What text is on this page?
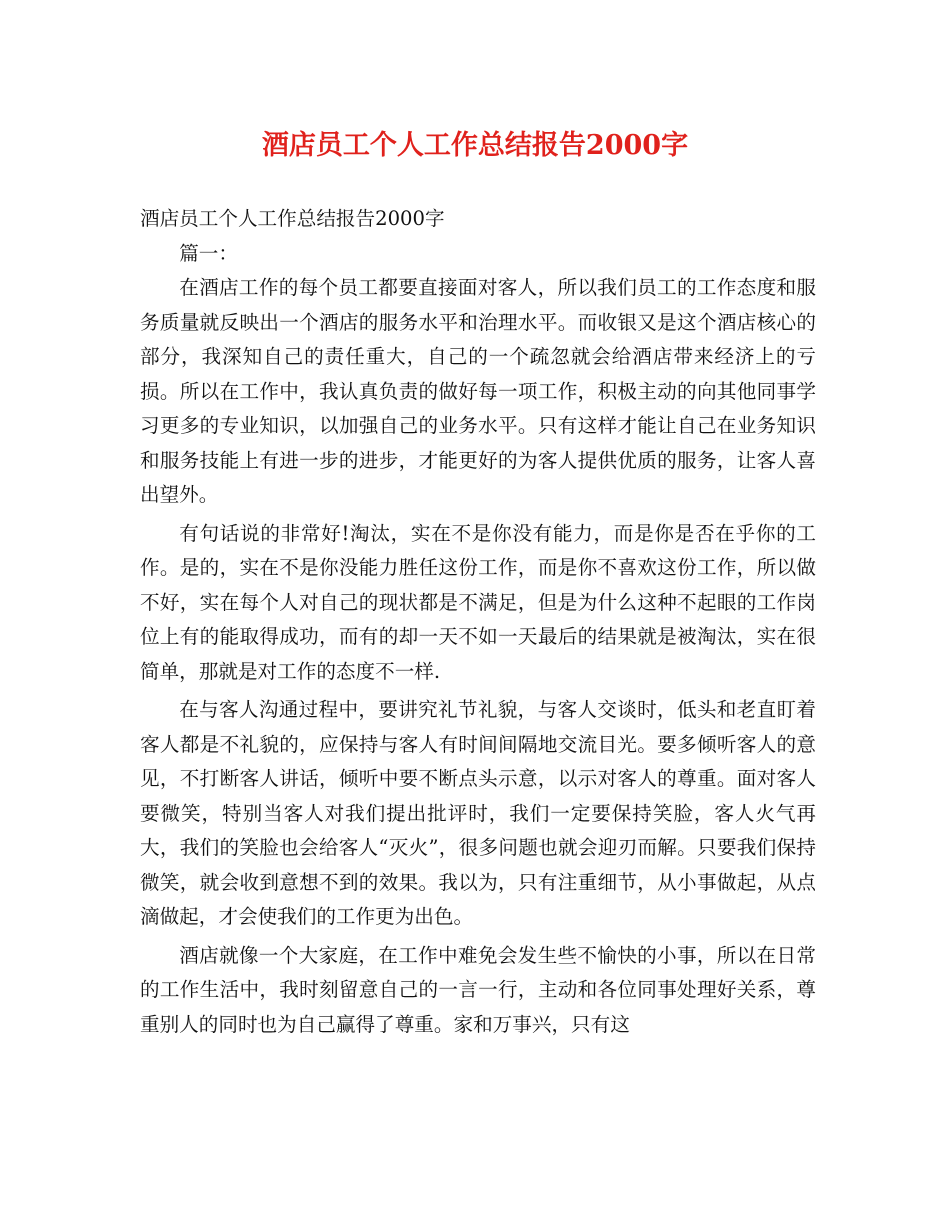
酒店员工个人工作总结报告2000字

酒店员工个人工作总结报告2000字

篇一：

在酒店工作的每个员工都要直接面对客人，所以我们员工的工作态度和服务质量就反映出一个酒店的服务水平和治理水平。而收银又是这个酒店核心的部分，我深知自己的责任重大，自己的一个疏忽就会给酒店带来经济上的亏损。所以在工作中，我认真负责的做好每一项工作，积极主动的向其他同事学习更多的专业知识，以加强自己的业务水平。只有这样才能让自己在业务知识和服务技能上有进一步的进步，才能更好的为客人提供优质的服务，让客人喜出望外。

有句话说的非常好!淘汰，实在不是你没有能力，而是你是否在乎你的工作。是的，实在不是你没能力胜任这份工作，而是你不喜欢这份工作，所以做不好，实在每个人对自己的现状都是不满足，但是为什么这种不起眼的工作岗位上有的能取得成功，而有的却一天不如一天最后的结果就是被淘汰，实在很简单，那就是对工作的态度不一样.

在与客人沟通过程中，要讲究礼节礼貌，与客人交谈时，低头和老直盯着客人都是不礼貌的，应保持与客人有时间间隔地交流目光。要多倾听客人的意见，不打断客人讲话，倾听中要不断点头示意，以示对客人的尊重。面对客人要微笑，特别当客人对我们提出批评时，我们一定要保持笑脸，客人火气再大，我们的笑脸也会给客人“灭火”，很多问题也就会迎刃而解。只要我们保持微笑，就会收到意想不到的效果。我以为，只有注重细节，从小事做起，从点滴做起，才会使我们的工作更为出色。

酒店就像一个大家庭，在工作中难免会发生些不愉快的小事，所以在日常的工作生活中，我时刻留意自己的一言一行，主动和各位同事处理好关系，尊重别人的同时也为自己赢得了尊重。家和万事兴，只有这
